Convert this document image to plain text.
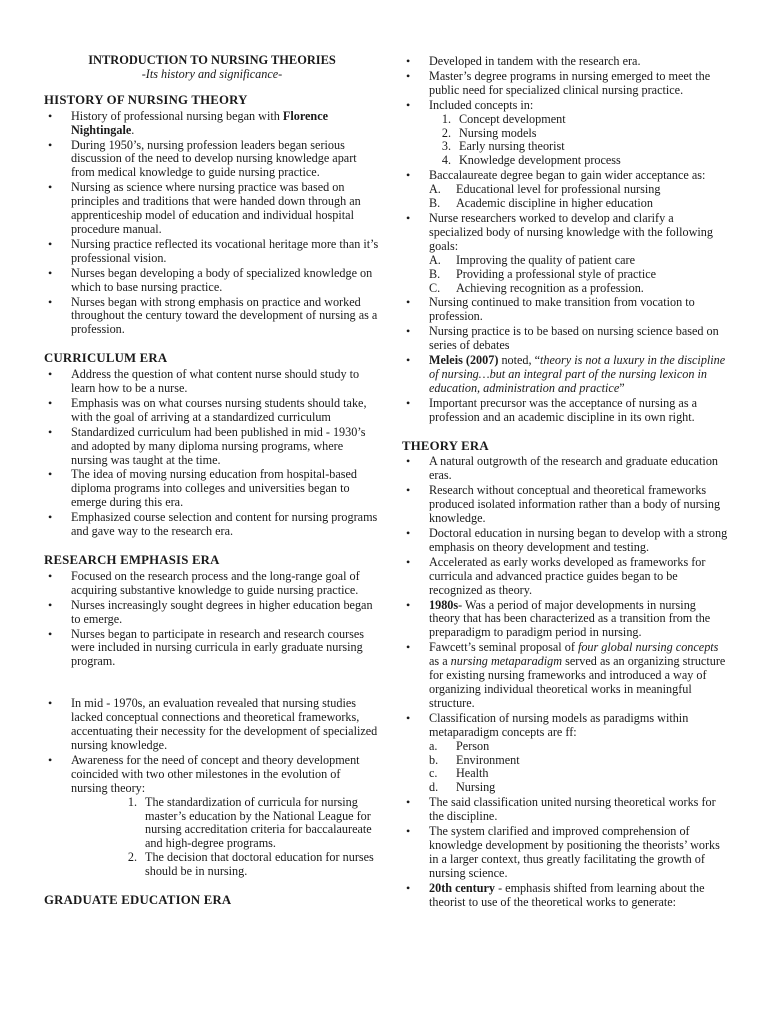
INTRODUCTION TO NURSING THEORIES

-Its history and significance-

HISTORY OF NURSING THEORY

• History of professional nursing began with Florence Nightingale.
• During 1950’s, nursing profession leaders began serious discussion of the need to develop nursing knowledge apart from medical knowledge to guide nursing practice.
• Nursing as science where nursing practice was based on principles and traditions that were handed down through an apprenticeship model of education and individual hospital procedure manual.
• Nursing practice reflected its vocational heritage more than it’s professional vision.
• Nurses began developing a body of specialized knowledge on which to base nursing practice.
• Nurses began with strong emphasis on practice and worked throughout the century toward the development of nursing as a profession.

CURRICULUM ERA

• Address the question of what content nurse should study to learn how to be a nurse.
• Emphasis was on what courses nursing students should take, with the goal of arriving at a standardized curriculum
• Standardized curriculum had been published in mid - 1930’s and adopted by many diploma nursing programs, where nursing was taught at the time.
• The idea of moving nursing education from hospital-based diploma programs into colleges and universities began to emerge during this era.
• Emphasized course selection and content for nursing programs and gave way to the research era.

RESEARCH EMPHASIS ERA

• Focused on the research process and the long-range goal of acquiring substantive knowledge to guide nursing practice.
• Nurses increasingly sought degrees in higher education began to emerge.
• Nurses began to participate in research and research courses were included in nursing curricula in early graduate nursing program.
• In mid - 1970s, an evaluation revealed that nursing studies lacked conceptual connections and theoretical frameworks, accentuating their necessity for the development of specialized nursing knowledge.
• Awareness for the need of concept and theory development coincided with two other milestones in the evolution of nursing theory:
1. The standardization of curricula for nursing master’s education by the National League for nursing accreditation criteria for baccalaureate and high-degree programs.
2. The decision that doctoral education for nurses should be in nursing.

GRADUATE EDUCATION ERA

• Developed in tandem with the research era.
• Master’s degree programs in nursing emerged to meet the public need for specialized clinical nursing practice.
• Included concepts in:
1. Concept development
2. Nursing models
3. Early nursing theorist
4. Knowledge development process
• Baccalaureate degree began to gain wider acceptance as:
A. Educational level for professional nursing
B. Academic discipline in higher education
• Nurse researchers worked to develop and clarify a specialized body of nursing knowledge with the following goals:
A. Improving the quality of patient care
B. Providing a professional style of practice
C. Achieving recognition as a profession.
• Nursing continued to make transition from vocation to profession.
• Nursing practice is to be based on nursing science based on series of debates
• Meleis (2007) noted, “theory is not a luxury in the discipline of nursing…but an integral part of the nursing lexicon in education, administration and practice”
• Important precursor was the acceptance of nursing as a profession and an academic discipline in its own right.

THEORY ERA

• A natural outgrowth of the research and graduate education eras.
• Research without conceptual and theoretical frameworks produced isolated information rather than a body of nursing knowledge.
• Doctoral education in nursing began to develop with a strong emphasis on theory development and testing.
• Accelerated as early works developed as frameworks for curricula and advanced practice guides began to be recognized as theory.
• 1980s- Was a period of major developments in nursing theory that has been characterized as a transition from the preparadigm to paradigm period in nursing.
• Fawcett’s seminal proposal of four global nursing concepts as a nursing metaparadigm served as an organizing structure for existing nursing frameworks and introduced a way of organizing individual theoretical works in meaningful structure.
• Classification of nursing models as paradigms within metaparadigm concepts are ff:
a.	Person
b.	Environment
c.	Health
d.	Nursing
• The said classification united nursing theoretical works for the discipline.
• The system clarified and improved comprehension of knowledge development by positioning the theorists’ works in a larger context, thus greatly facilitating the growth of nursing science.
• 20th century - emphasis shifted from learning about the theorist to use of the theoretical works to generate:
